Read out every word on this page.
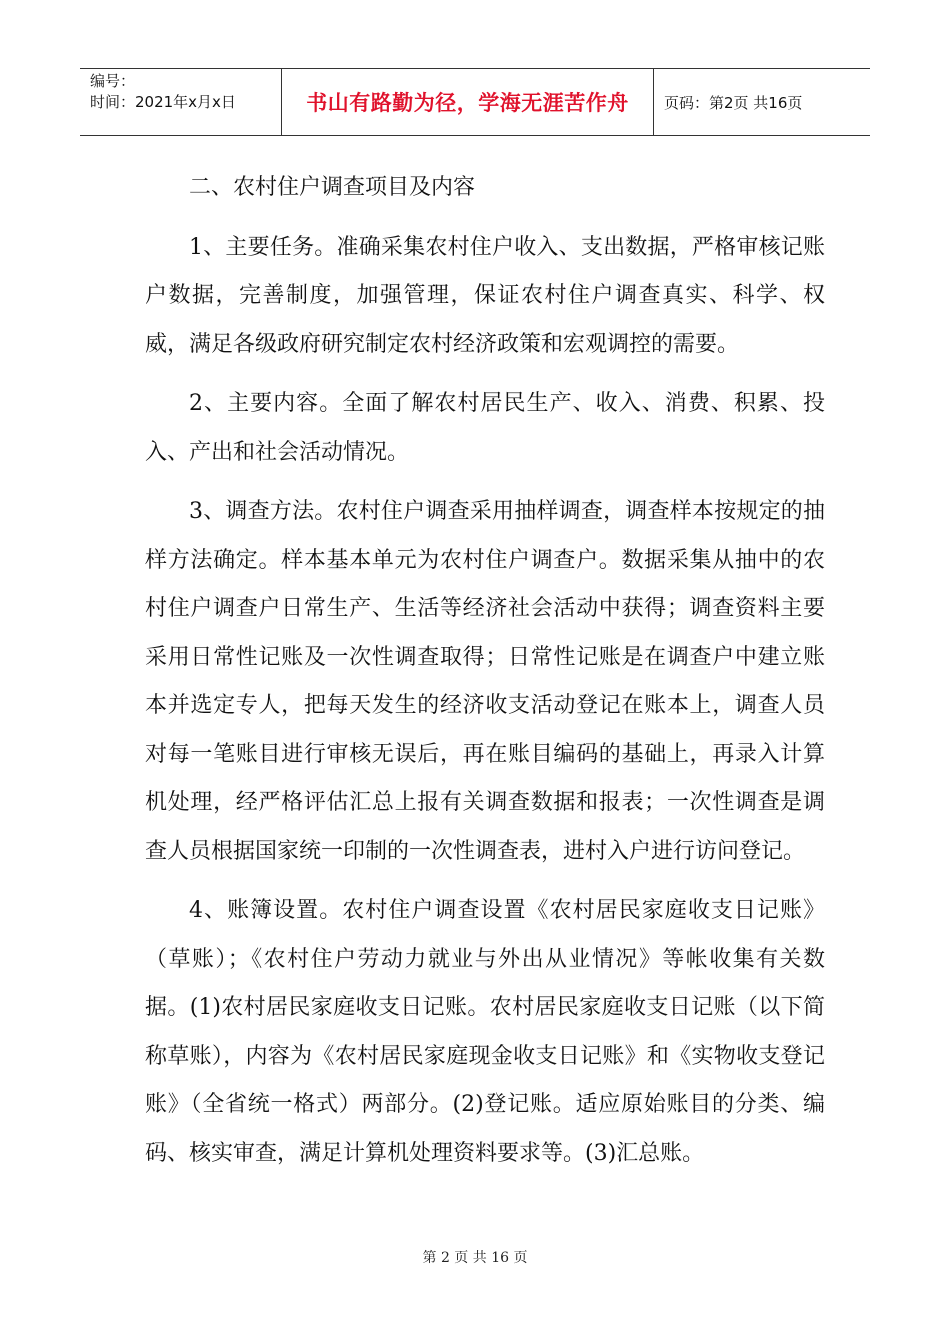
编号：
时间：2021年x月x日	书山有路勤为径，学海无涯苦作舟	页码：第2页 共16页

二、农村住户调查项目及内容

1、主要任务。准确采集农村住户收入、支出数据，严格审核记账户数据，完善制度，加强管理，保证农村住户调查真实、科学、权威，满足各级政府研究制定农村经济政策和宏观调控的需要。

2、主要内容。全面了解农村居民生产、收入、消费、积累、投入、产出和社会活动情况。

3、调查方法。农村住户调查采用抽样调查，调查样本按规定的抽样方法确定。样本基本单元为农村住户调查户。数据采集从抽中的农村住户调查户日常生产、生活等经济社会活动中获得；调查资料主要采用日常性记账及一次性调查取得；日常性记账是在调查户中建立账本并选定专人，把每天发生的经济收支活动登记在账本上，调查人员对每一笔账目进行审核无误后，再在账目编码的基础上，再录入计算机处理，经严格评估汇总上报有关调查数据和报表；一次性调查是调查人员根据国家统一印制的一次性调查表，进村入户进行访问登记。

4、账簿设置。农村住户调查设置《农村居民家庭收支日记账》（草账）；《农村住户劳动力就业与外出从业情况》等帐收集有关数据。(1)农村居民家庭收支日记账。农村居民家庭收支日记账（以下简称草账），内容为《农村居民家庭现金收支日记账》和《实物收支登记账》（全省统一格式）两部分。(2)登记账。适应原始账目的分类、编码、核实审查，满足计算机处理资料要求等。(3)汇总账。

第 2 页 共 16 页
